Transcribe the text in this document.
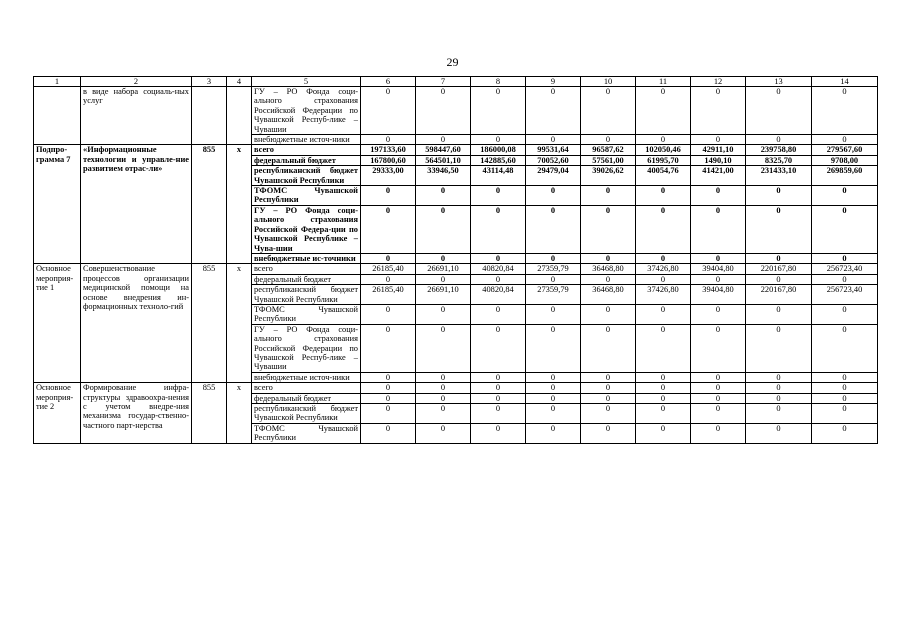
29
1	2	3	4	5	6	7	8	9	10	11	12	13	14
	в виде набора социаль-ных услуг			ГУ – РО Фонда соци-ального страхования Российской Федерации по Чувашской Респуб-лике – Чувашии	0	0	0	0	0	0	0	0	0
				внебюджетные источ-ники	0	0	0	0	0	0	0	0	0
Подпро-грамма 7	«Информационные технологии и управле-ние развитием отрас-ли»	855	х	всего	197133,60	598447,60	186000,08	99531,64	96587,62	102050,46	42911,10	239758,80	279567,60
				федеральный бюджет	167800,60	564501,10	142885,60	70052,60	57561,00	61995,70	1490,10	8325,70	9708,00
				республиканский бюджет Чувашской Республики	29333,00	33946,50	43114,48	29479,04	39026,62	40054,76	41421,00	231433,10	269859,60
				ТФОМС Чувашской Республики	0	0	0	0	0	0	0	0	0
				ГУ – РО Фонда соци-ального страхования Российской Федера-ции по Чувашской Республике – Чува-шии	0	0	0	0	0	0	0	0	0
				внебюджетные ис-точники	0	0	0	0	0	0	0	0	0
Основное мероприя-тие 1	Совершенствование процессов организации медицинской помощи на основе внедрения ин-формационных техноло-гий	855	х	всего	26185,40	26691,10	40820,84	27359,79	36468,80	37426,80	39404,80	220167,80	256723,40
				федеральный бюджет	0	0	0	0	0	0	0	0	0
				республиканский бюджет Чувашской Республики	26185,40	26691,10	40820,84	27359,79	36468,80	37426,80	39404,80	220167,80	256723,40
				ТФОМС Чувашской Республики	0	0	0	0	0	0	0	0	0
				ГУ – РО Фонда соци-ального страхования Российской Федерации по Чувашской Респуб-лике – Чувашии	0	0	0	0	0	0	0	0	0
				внебюджетные источ-ники	0	0	0	0	0	0	0	0	0
Основное мероприя-тие 2	Формирование инфра-структуры здравоохра-нения с учетом внедре-ния механизма государ-ственно-частного парт-нерства	855	х	всего	0	0	0	0	0	0	0	0	0
				федеральный бюджет	0	0	0	0	0	0	0	0	0
				республиканский бюджет Чувашской Республики	0	0	0	0	0	0	0	0	0
				ТФОМС Чувашской Республики	0	0	0	0	0	0	0	0	0
